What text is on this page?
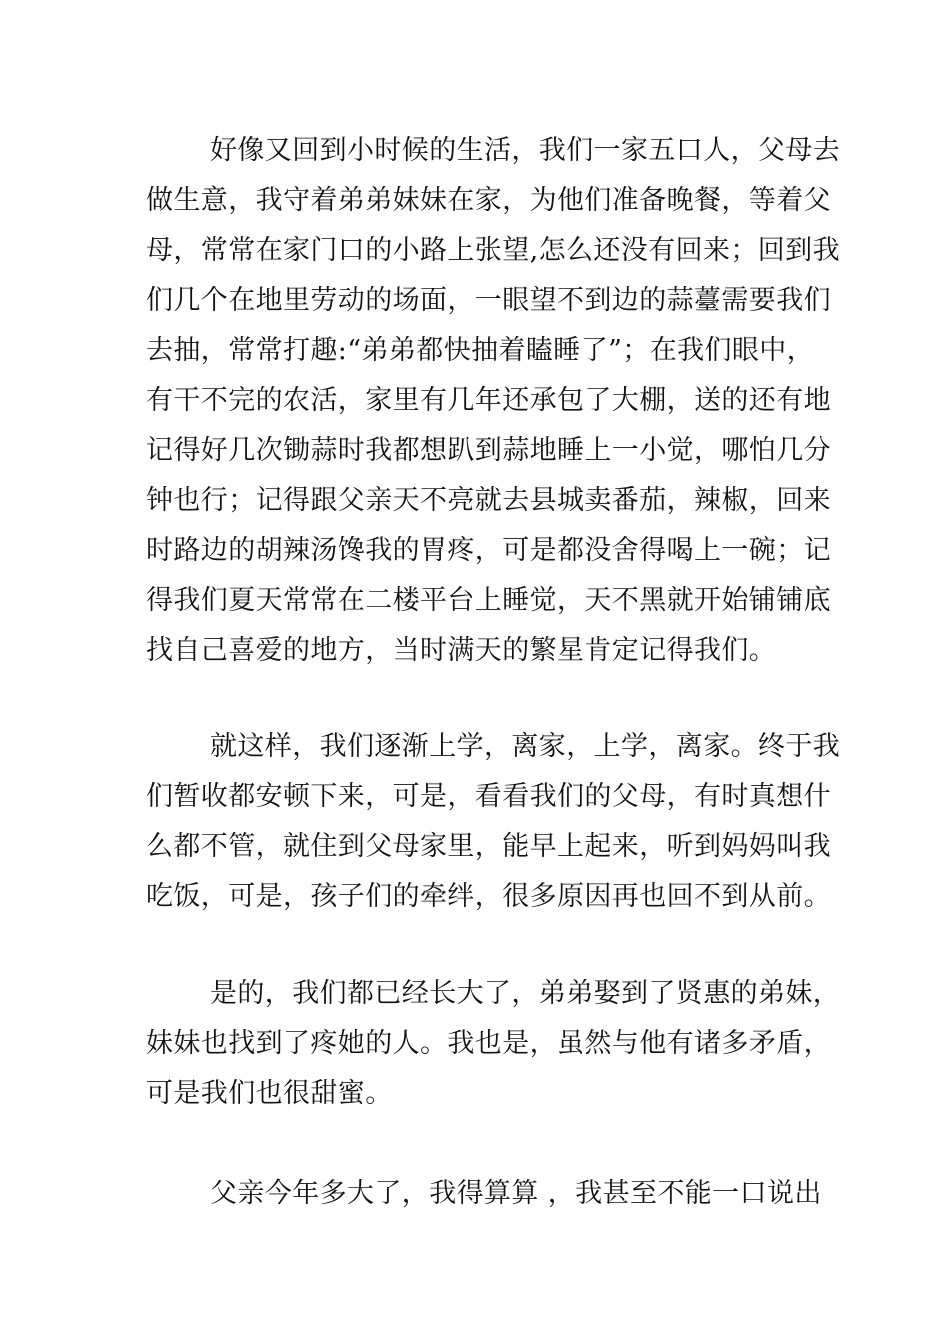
好像又回到小时候的生活，我们一家五口人，父母去
做生意，我守着弟弟妹妹在家，为他们准备晚餐，等着父
母，常常在家门口的小路上张望,怎么还没有回来；回到我
们几个在地里劳动的场面，一眼望不到边的蒜薹需要我们
去抽，常常打趣:“弟弟都快抽着瞌睡了”；在我们眼中，
有干不完的农活，家里有几年还承包了大棚，送的还有地
记得好几次锄蒜时我都想趴到蒜地睡上一小觉，哪怕几分
钟也行；记得跟父亲天不亮就去县城卖番茄，辣椒，回来
时路边的胡辣汤馋我的胃疼，可是都没舍得喝上一碗；记
得我们夏天常常在二楼平台上睡觉，天不黑就开始铺铺底
找自己喜爱的地方，当时满天的繁星肯定记得我们。
就这样，我们逐渐上学，离家，上学，离家。终于我
们暂收都安顿下来，可是，看看我们的父母，有时真想什
么都不管，就住到父母家里，能早上起来，听到妈妈叫我
吃饭，可是，孩子们的牵绊，很多原因再也回不到从前。
是的，我们都已经长大了，弟弟娶到了贤惠的弟妹，
妹妹也找到了疼她的人。我也是，虽然与他有诸多矛盾，
可是我们也很甜蜜。
父亲今年多大了，我得算算 ，我甚至不能一口说出
